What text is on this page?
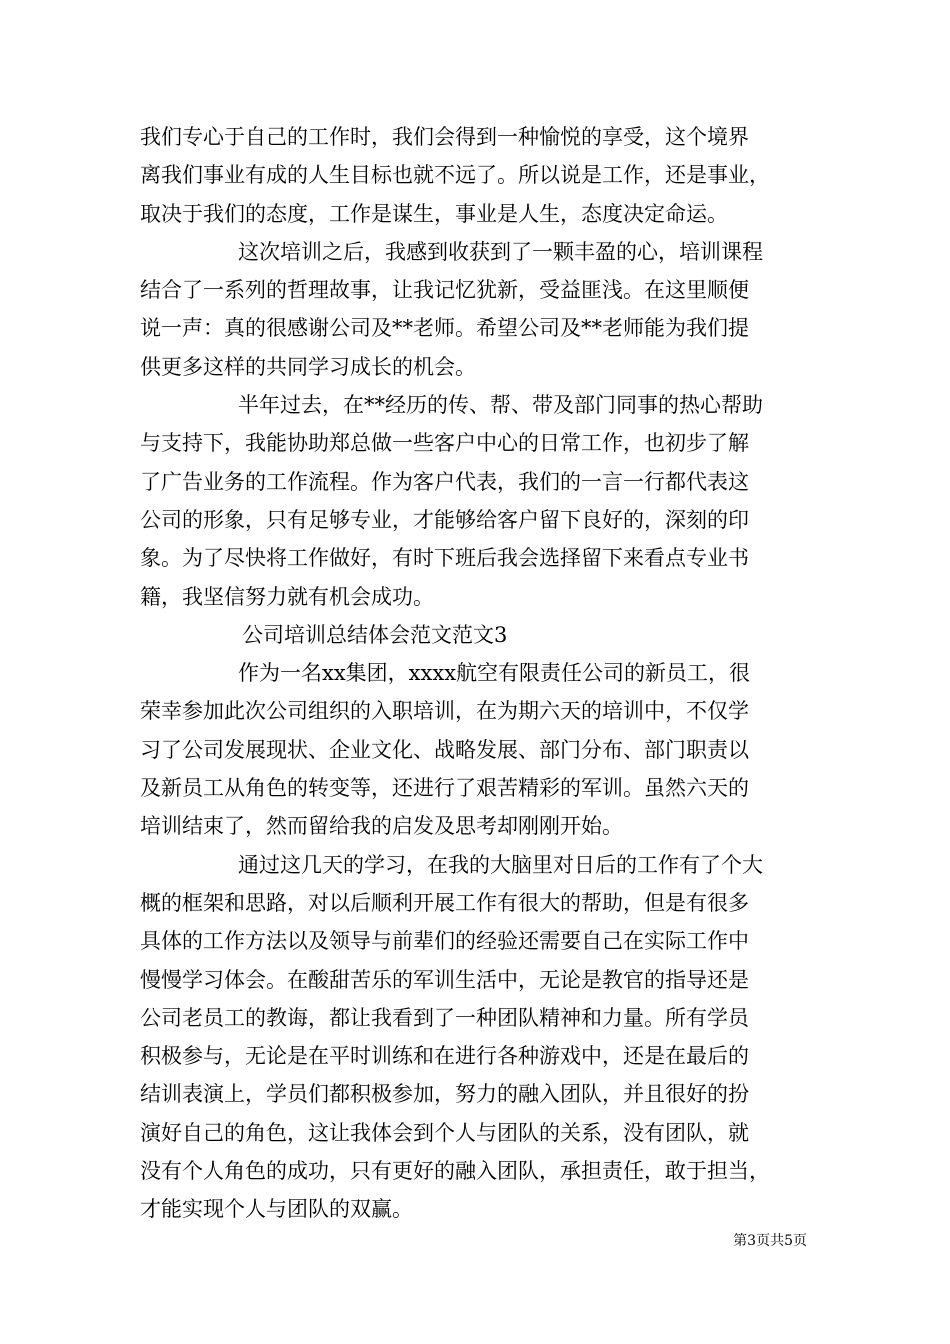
我们专心于自己的工作时，我们会得到一种愉悦的享受，这个境界
离我们事业有成的人生目标也就不远了。所以说是工作，还是事业，
取决于我们的态度，工作是谋生，事业是人生，态度决定命运。
这次培训之后，我感到收获到了一颗丰盈的心，培训课程
结合了一系列的哲理故事，让我记忆犹新，受益匪浅。在这里顺便
说一声：真的很感谢公司及**老师。希望公司及**老师能为我们提
供更多这样的共同学习成长的机会。
半年过去，在**经历的传、帮、带及部门同事的热心帮助
与支持下，我能协助郑总做一些客户中心的日常工作，也初步了解
了广告业务的工作流程。作为客户代表，我们的一言一行都代表这
公司的形象，只有足够专业，才能够给客户留下良好的，深刻的印
象。为了尽快将工作做好，有时下班后我会选择留下来看点专业书
籍，我坚信努力就有机会成功。
公司培训总结体会范文范文3
作为一名xx集团，xxxx航空有限责任公司的新员工，很
荣幸参加此次公司组织的入职培训，在为期六天的培训中，不仅学
习了公司发展现状、企业文化、战略发展、部门分布、部门职责以
及新员工从角色的转变等，还进行了艰苦精彩的军训。虽然六天的
培训结束了，然而留给我的启发及思考却刚刚开始。
通过这几天的学习，在我的大脑里对日后的工作有了个大
概的框架和思路，对以后顺利开展工作有很大的帮助，但是有很多
具体的工作方法以及领导与前辈们的经验还需要自己在实际工作中
慢慢学习体会。在酸甜苦乐的军训生活中，无论是教官的指导还是
公司老员工的教诲，都让我看到了一种团队精神和力量。所有学员
积极参与，无论是在平时训练和在进行各种游戏中，还是在最后的
结训表演上，学员们都积极参加，努力的融入团队，并且很好的扮
演好自己的角色，这让我体会到个人与团队的关系，没有团队，就
没有个人角色的成功，只有更好的融入团队，承担责任，敢于担当，
才能实现个人与团队的双赢。
第3页共5页
